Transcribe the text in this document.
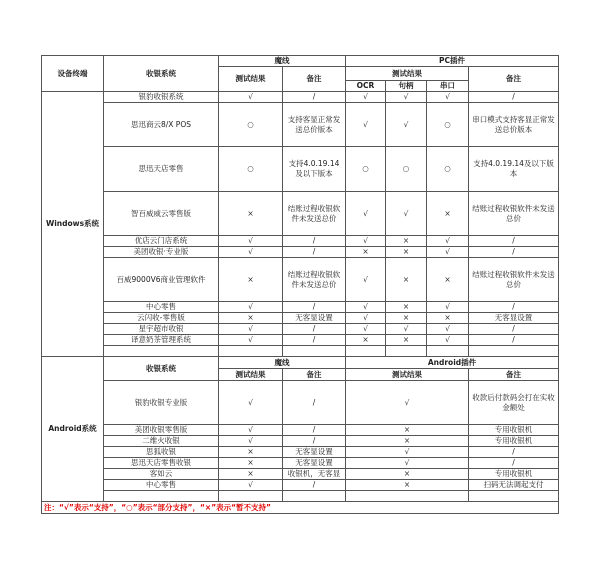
设备终端	收银系统	魔线		PC插件			
		测试结果	备注	测试结果			备注
				OCR	句柄	串口	
Windows系统	银豹收银系统	√	/	√	√	√	/
	思迅商云8/X POS	○	支持客显正常发送总价版本	√	√	○	串口模式支持客显正常发送总价版本
	思迅天店零售	○	支持4.0.19.14及以下版本	○	○	○	支持4.0.19.14及以下版本
	智百威威云零售版	×	结账过程收银软件未发送总价	√	√	×	结账过程收银软件未发送总价
	优店云门店系统	√	/	√	×	√	/
	美团收银·专业版	√	/	×	×	√	/
	百威9000V6商业管理软件	×	结账过程收银软件未发送总价	√	×	×	结账过程收银软件未发送总价
	中心零售	√	/	√	×	√	/
	云闪收-零售版	×	无客显设置	√	×	×	无客显设置
	星宇超市收银	√	/	√	√	√	/
	译意奶茶管理系统	√	/	×	×	√	/

Android系统	收银系统	魔线		Android插件			
		测试结果	备注	测试结果			备注
	银豹收银专业版	√	/	√			收款后付款码会打在实收金额处
	美团收银零售版	√	/	×			专用收银机
	二维火收银	√	/	×			专用收银机
	思狐收银	×	无客显设置	√			/
	思迅天店零售收银	×	无客显设置	√			/
	客如云	×	收银机，无客显	×			专用收银机
	中心零售	√	/	×			扫码无法调起支付

注：“√”表示“支持”，“○”表示“部分支持”，“×”表示“暂不支持”							
